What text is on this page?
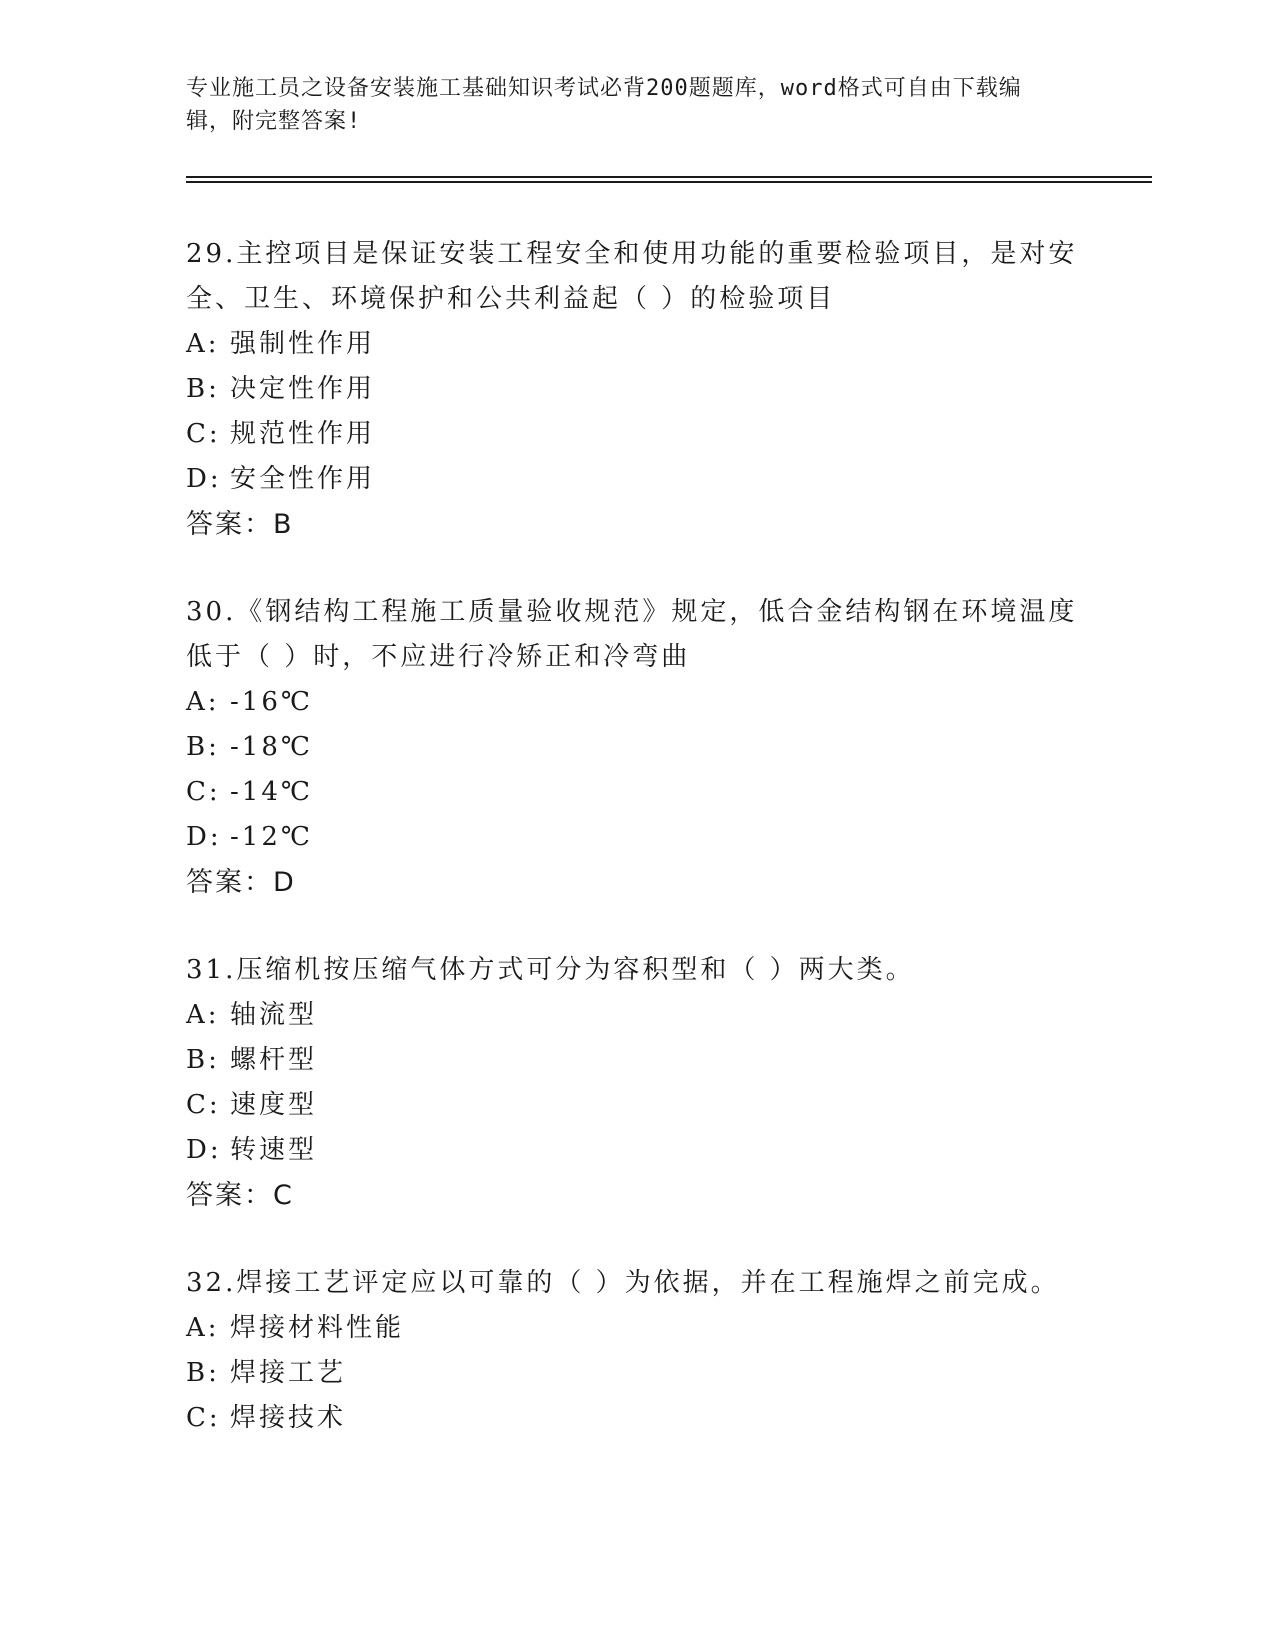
专业施工员之设备安装施工基础知识考试必背200题题库，word格式可自由下载编辑，附完整答案!
29.主控项目是保证安装工程安全和使用功能的重要检验项目，是对安全、卫生、环境保护和公共利益起（ ）的检验项目
A: 强制性作用
B: 决定性作用
C: 规范性作用
D: 安全性作用
答案：B
30.《钢结构工程施工质量验收规范》规定，低合金结构钢在环境温度低于（ ）时，不应进行冷矫正和冷弯曲
A: -16℃
B: -18℃
C: -14℃
D: -12℃
答案：D
31.压缩机按压缩气体方式可分为容积型和（ ）两大类。
A: 轴流型
B: 螺杆型
C: 速度型
D: 转速型
答案：C
32.焊接工艺评定应以可靠的（ ）为依据，并在工程施焊之前完成。
A: 焊接材料性能
B: 焊接工艺
C: 焊接技术
